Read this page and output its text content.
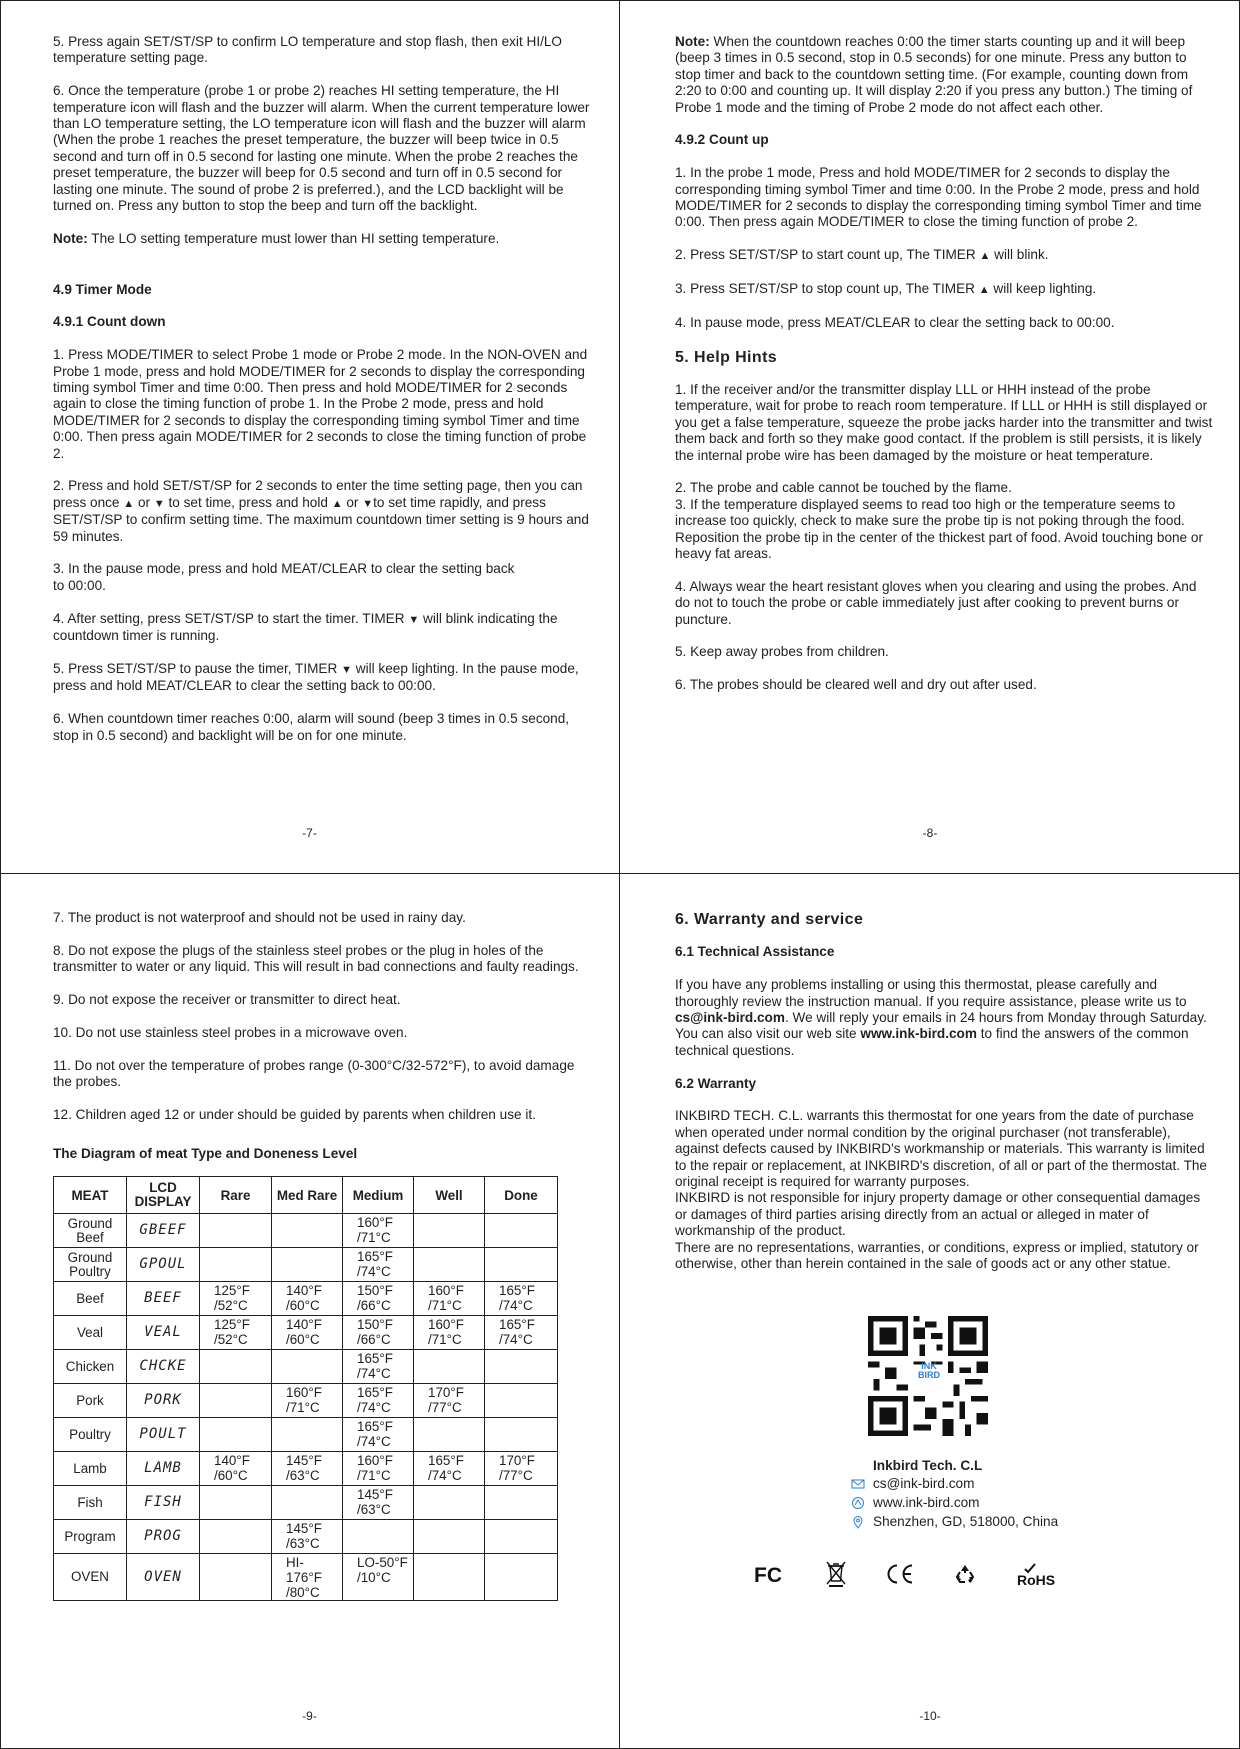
5. Press again SET/ST/SP to confirm LO temperature and stop flash, then exit HI/LO temperature setting page.

6. Once the temperature (probe 1 or probe 2) reaches HI setting temperature, the HI temperature icon will flash and the buzzer will alarm. When the current temperature lower than LO temperature setting, the LO temperature icon will flash and the buzzer will alarm (When the probe 1 reaches the preset temperature, the buzzer will beep twice in 0.5 second and turn off in 0.5 second for lasting one minute. When the probe 2 reaches the preset temperature, the buzzer will beep for 0.5 second and turn off in 0.5 second for lasting one minute. The sound of probe 2 is preferred.), and the LCD backlight will be turned on. Press any button to stop the beep and turn off the backlight.

Note: The LO setting temperature must lower than HI setting temperature.

4.9 Timer Mode
4.9.1 Count down

1. Press MODE/TIMER to select Probe 1 mode or Probe 2 mode. In the NON-OVEN and Probe 1 mode, press and hold MODE/TIMER for 2 seconds to display the corresponding timing symbol Timer and time 0:00. Then press and hold MODE/TIMER for 2 seconds again to close the timing function of probe 1. In the Probe 2 mode, press and hold MODE/TIMER for 2 seconds to display the corresponding timing symbol Timer and time 0:00. Then press again MODE/TIMER for 2 seconds to close the timing function of probe 2.

2. Press and hold SET/ST/SP for 2 seconds to enter the time setting page, then you can press once ▲ or ▼ to set time, press and hold ▲ or ▼to set time rapidly, and press SET/ST/SP to confirm setting time. The maximum countdown timer setting is 9 hours and 59 minutes.

3. In the pause mode, press and hold MEAT/CLEAR to clear the setting back
to 00:00.

4. After setting, press SET/ST/SP to start the timer. TIMER ▼ will blink indicating the countdown timer is running.

5. Press SET/ST/SP to pause the timer, TIMER ▼ will keep lighting. In the pause mode, press and hold MEAT/CLEAR to clear the setting back to 00:00.

6. When countdown timer reaches 0:00, alarm will sound (beep 3 times in 0.5 second, stop in 0.5 second) and backlight will be on for one minute.

-7-

Note: When the countdown reaches 0:00 the timer starts counting up and it will beep (beep 3 times in 0.5 second, stop in 0.5 seconds) for one minute. Press any button to stop timer and back to the countdown setting time. (For example, counting down from 2:20 to 0:00 and counting up. It will display 2:20 if you press any button.) The timing of Probe 1 mode and the timing of Probe 2 mode do not affect each other.

4.9.2 Count up

1. In the probe 1 mode, Press and hold MODE/TIMER for 2 seconds to display the corresponding timing symbol Timer and time 0:00. In the Probe 2 mode, press and hold MODE/TIMER for 2 seconds to display the corresponding timing symbol Timer and time 0:00. Then press again MODE/TIMER to close the timing function of probe 2.

2. Press SET/ST/SP to start count up, The TIMER ▲ will blink.

3. Press SET/ST/SP to stop count up, The TIMER ▲ will keep lighting.

4. In pause mode, press MEAT/CLEAR to clear the setting back to 00:00.

5. Help Hints

1. If the receiver and/or the transmitter display LLL or HHH instead of the probe temperature, wait for probe to reach room temperature. If LLL or HHH is still displayed or you get a false temperature, squeeze the probe jacks harder into the transmitter and twist them back and forth so they make good contact. If the problem is still persists, it is likely the internal probe wire has been damaged by the moisture or heat temperature.

2. The probe and cable cannot be touched by the flame.

3. If the temperature displayed seems to read too high or the temperature seems to increase too quickly, check to make sure the probe tip is not poking through the food. Reposition the probe tip in the center of the thickest part of food. Avoid touching bone or heavy fat areas.

4. Always wear the heart resistant gloves when you clearing and using the probes. And do not to touch the probe or cable immediately just after cooking to prevent burns or puncture.

5. Keep away probes from children.

6. The probes should be cleared well and dry out after used.

-8-

7. The product is not waterproof and should not be used in rainy day.

8. Do not expose the plugs of the stainless steel probes or the plug in holes of the transmitter to water or any liquid. This will result in bad connections and faulty readings.

9. Do not expose the receiver or transmitter to direct heat.

10. Do not use stainless steel probes in a microwave oven.

11. Do not over the temperature of probes range (0-300°C/32-572°F), to avoid damage the probes.

12. Children aged 12 or under should be guided by parents when children use it.

The Diagram of meat Type and Doneness Level
MEAT	LCD DISPLAY	Rare	Med Rare	Medium	Well	Done
Ground Beef	GBEEF			160°F /71°C		
Ground Poultry	GPOUL			165°F /74°C		
Beef	BEEF	125°F /52°C	140°F /60°C	150°F /66°C	160°F /71°C	165°F /74°C
Veal	VEAL	125°F /52°C	140°F /60°C	150°F /66°C	160°F /71°C	165°F /74°C
Chicken	CHCKE			165°F /74°C		
Pork	PORK		160°F /71°C	165°F /74°C	170°F /77°C	
Poultry	POULT			165°F /74°C		
Lamb	LAMB	140°F /60°C	145°F /63°C	160°F /71°C	165°F /74°C	170°F /77°C
Fish	FISH			145°F /63°C		
Program	PROG		145°F /63°C			
OVEN	OVEN		HI-176°F /80°C	LO-50°F /10°C		
-9-
6. Warranty and service
6.1 Technical Assistance

If you have any problems installing or using this thermostat, please carefully and thoroughly review the instruction manual. If you require assistance, please write us to cs@ink-bird.com. We will reply your emails in 24 hours from Monday through Saturday.

You can also visit our web site www.ink-bird.com to find the answers of the common technical questions.

6.2 Warranty

INKBIRD TECH. C.L. warrants this thermostat for one years from the date of purchase when operated under normal condition by the original purchaser (not transferable), against defects caused by INKBIRD's workmanship or materials. This warranty is limited to the repair or replacement, at INKBIRD's discretion, of all or part of the thermostat. The original receipt is required for warranty purposes.

INKBIRD is not responsible for injury property damage or other consequential damages or damages of third parties arising directly from an actual or alleged in mater of workmanship of the product.

There are no representations, warranties, or conditions, express or implied, statutory or otherwise, other than herein contained in the sale of goods act or any other statue.

INK BIRD
Inkbird Tech. C.L
cs@ink-bird.com
www.ink-bird.com
Shenzhen, GD, 518000, China
FC	RoHS
-10-
